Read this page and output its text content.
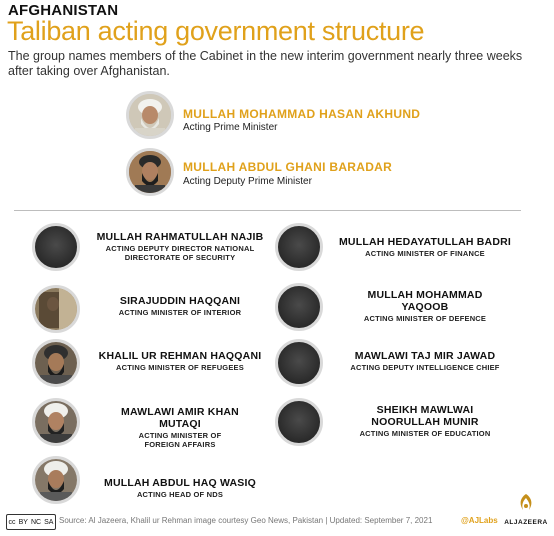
AFGHANISTAN
Taliban acting government structure
The group names members of the Cabinet in the new interim government nearly three weeks after taking over Afghanistan.
MULLAH MOHAMMAD HASAN AKHUND
Acting Prime Minister
MULLAH ABDUL GHANI BARADAR
Acting Deputy Prime Minister
MULLAH RAHMATULLAH NAJIB
ACTING DEPUTY DIRECTOR NATIONAL
DIRECTORATE OF SECURITY
SIRAJUDDIN HAQQANI
ACTING MINISTER OF INTERIOR
KHALIL UR REHMAN HAQQANI
ACTING MINISTER OF REFUGEES
MAWLAWI AMIR KHAN
MUTAQI
ACTING MINISTER OF
FOREIGN AFFAIRS
MULLAH ABDUL HAQ WASIQ
ACTING HEAD OF NDS
MULLAH HEDAYATULLAH BADRI
ACTING MINISTER OF FINANCE
MULLAH MOHAMMAD
YAQOOB
ACTING MINISTER OF DEFENCE
MAWLAWI TAJ MIR JAWAD
ACTING DEPUTY INTELLIGENCE CHIEF
SHEIKH MAWLWAI
NOORULLAH MUNIR
ACTING MINISTER OF EDUCATION
cc BY NC SA Source: Al Jazeera, Khalil ur Rehman image courtesy Geo News, Pakistan | Updated: September 7, 2021	@AJLabs ALJAZEERA
